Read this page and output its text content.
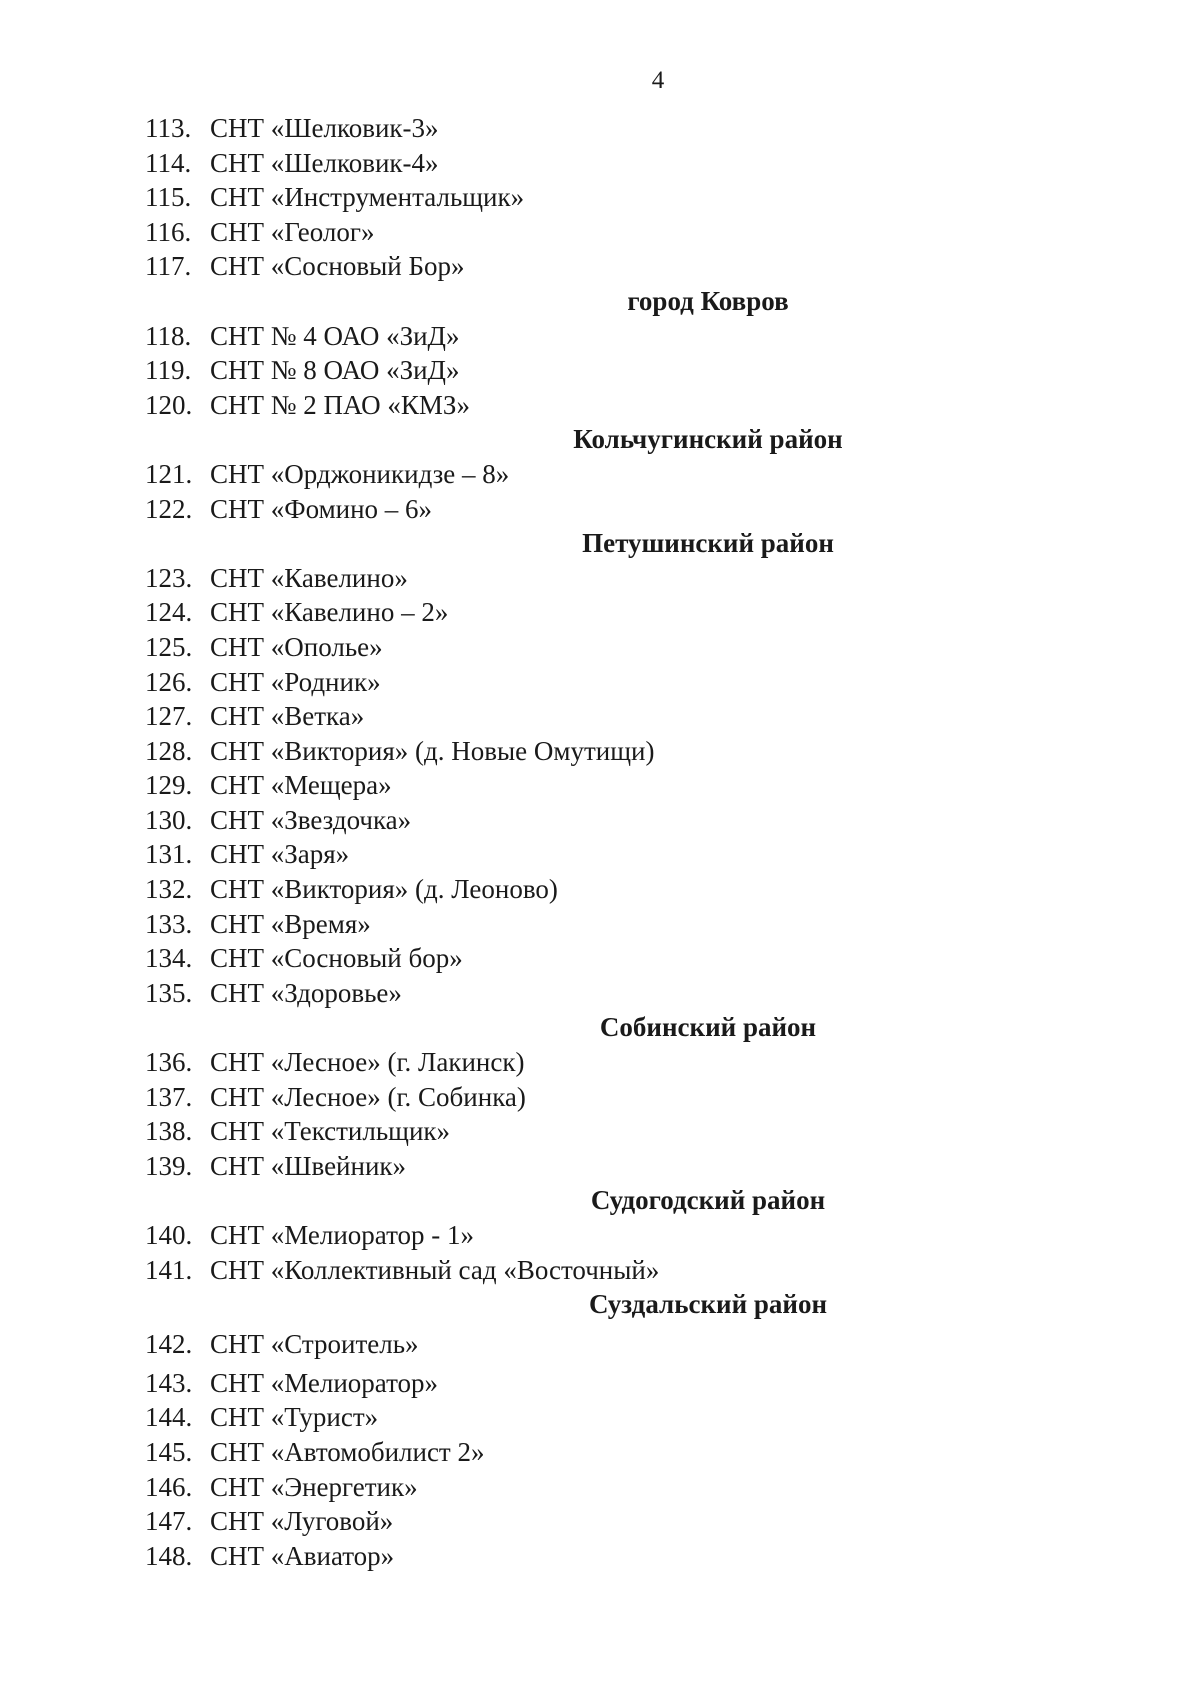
4
113. СНТ «Шелковик-3»
114. СНТ «Шелковик-4»
115. СНТ «Инструментальщик»
116. СНТ «Геолог»
117. СНТ «Сосновый Бор»
город Ковров
118. СНТ № 4 ОАО «ЗиД»
119. СНТ № 8 ОАО «ЗиД»
120. СНТ № 2 ПАО «КМЗ»
Кольчугинский район
121. СНТ «Орджоникидзе – 8»
122. СНТ «Фомино – 6»
Петушинский район
123. СНТ «Кавелино»
124. СНТ «Кавелино – 2»
125. СНТ «Ополье»
126. СНТ «Родник»
127. СНТ «Ветка»
128. СНТ «Виктория» (д. Новые Омутищи)
129. СНТ «Мещера»
130. СНТ «Звездочка»
131. СНТ «Заря»
132. СНТ «Виктория» (д. Леоново)
133. СНТ «Время»
134. СНТ «Сосновый бор»
135. СНТ «Здоровье»
Собинский район
136. СНТ «Лесное» (г. Лакинск)
137. СНТ «Лесное» (г. Собинка)
138. СНТ «Текстильщик»
139. СНТ «Швейник»
Судогодский район
140. СНТ «Мелиоратор - 1»
141. СНТ «Коллективный сад «Восточный»
Суздальский район
142. СНТ «Строитель»
143. СНТ «Мелиоратор»
144. СНТ «Турист»
145. СНТ «Автомобилист 2»
146. СНТ «Энергетик»
147. СНТ «Луговой»
148. СНТ «Авиатор»
